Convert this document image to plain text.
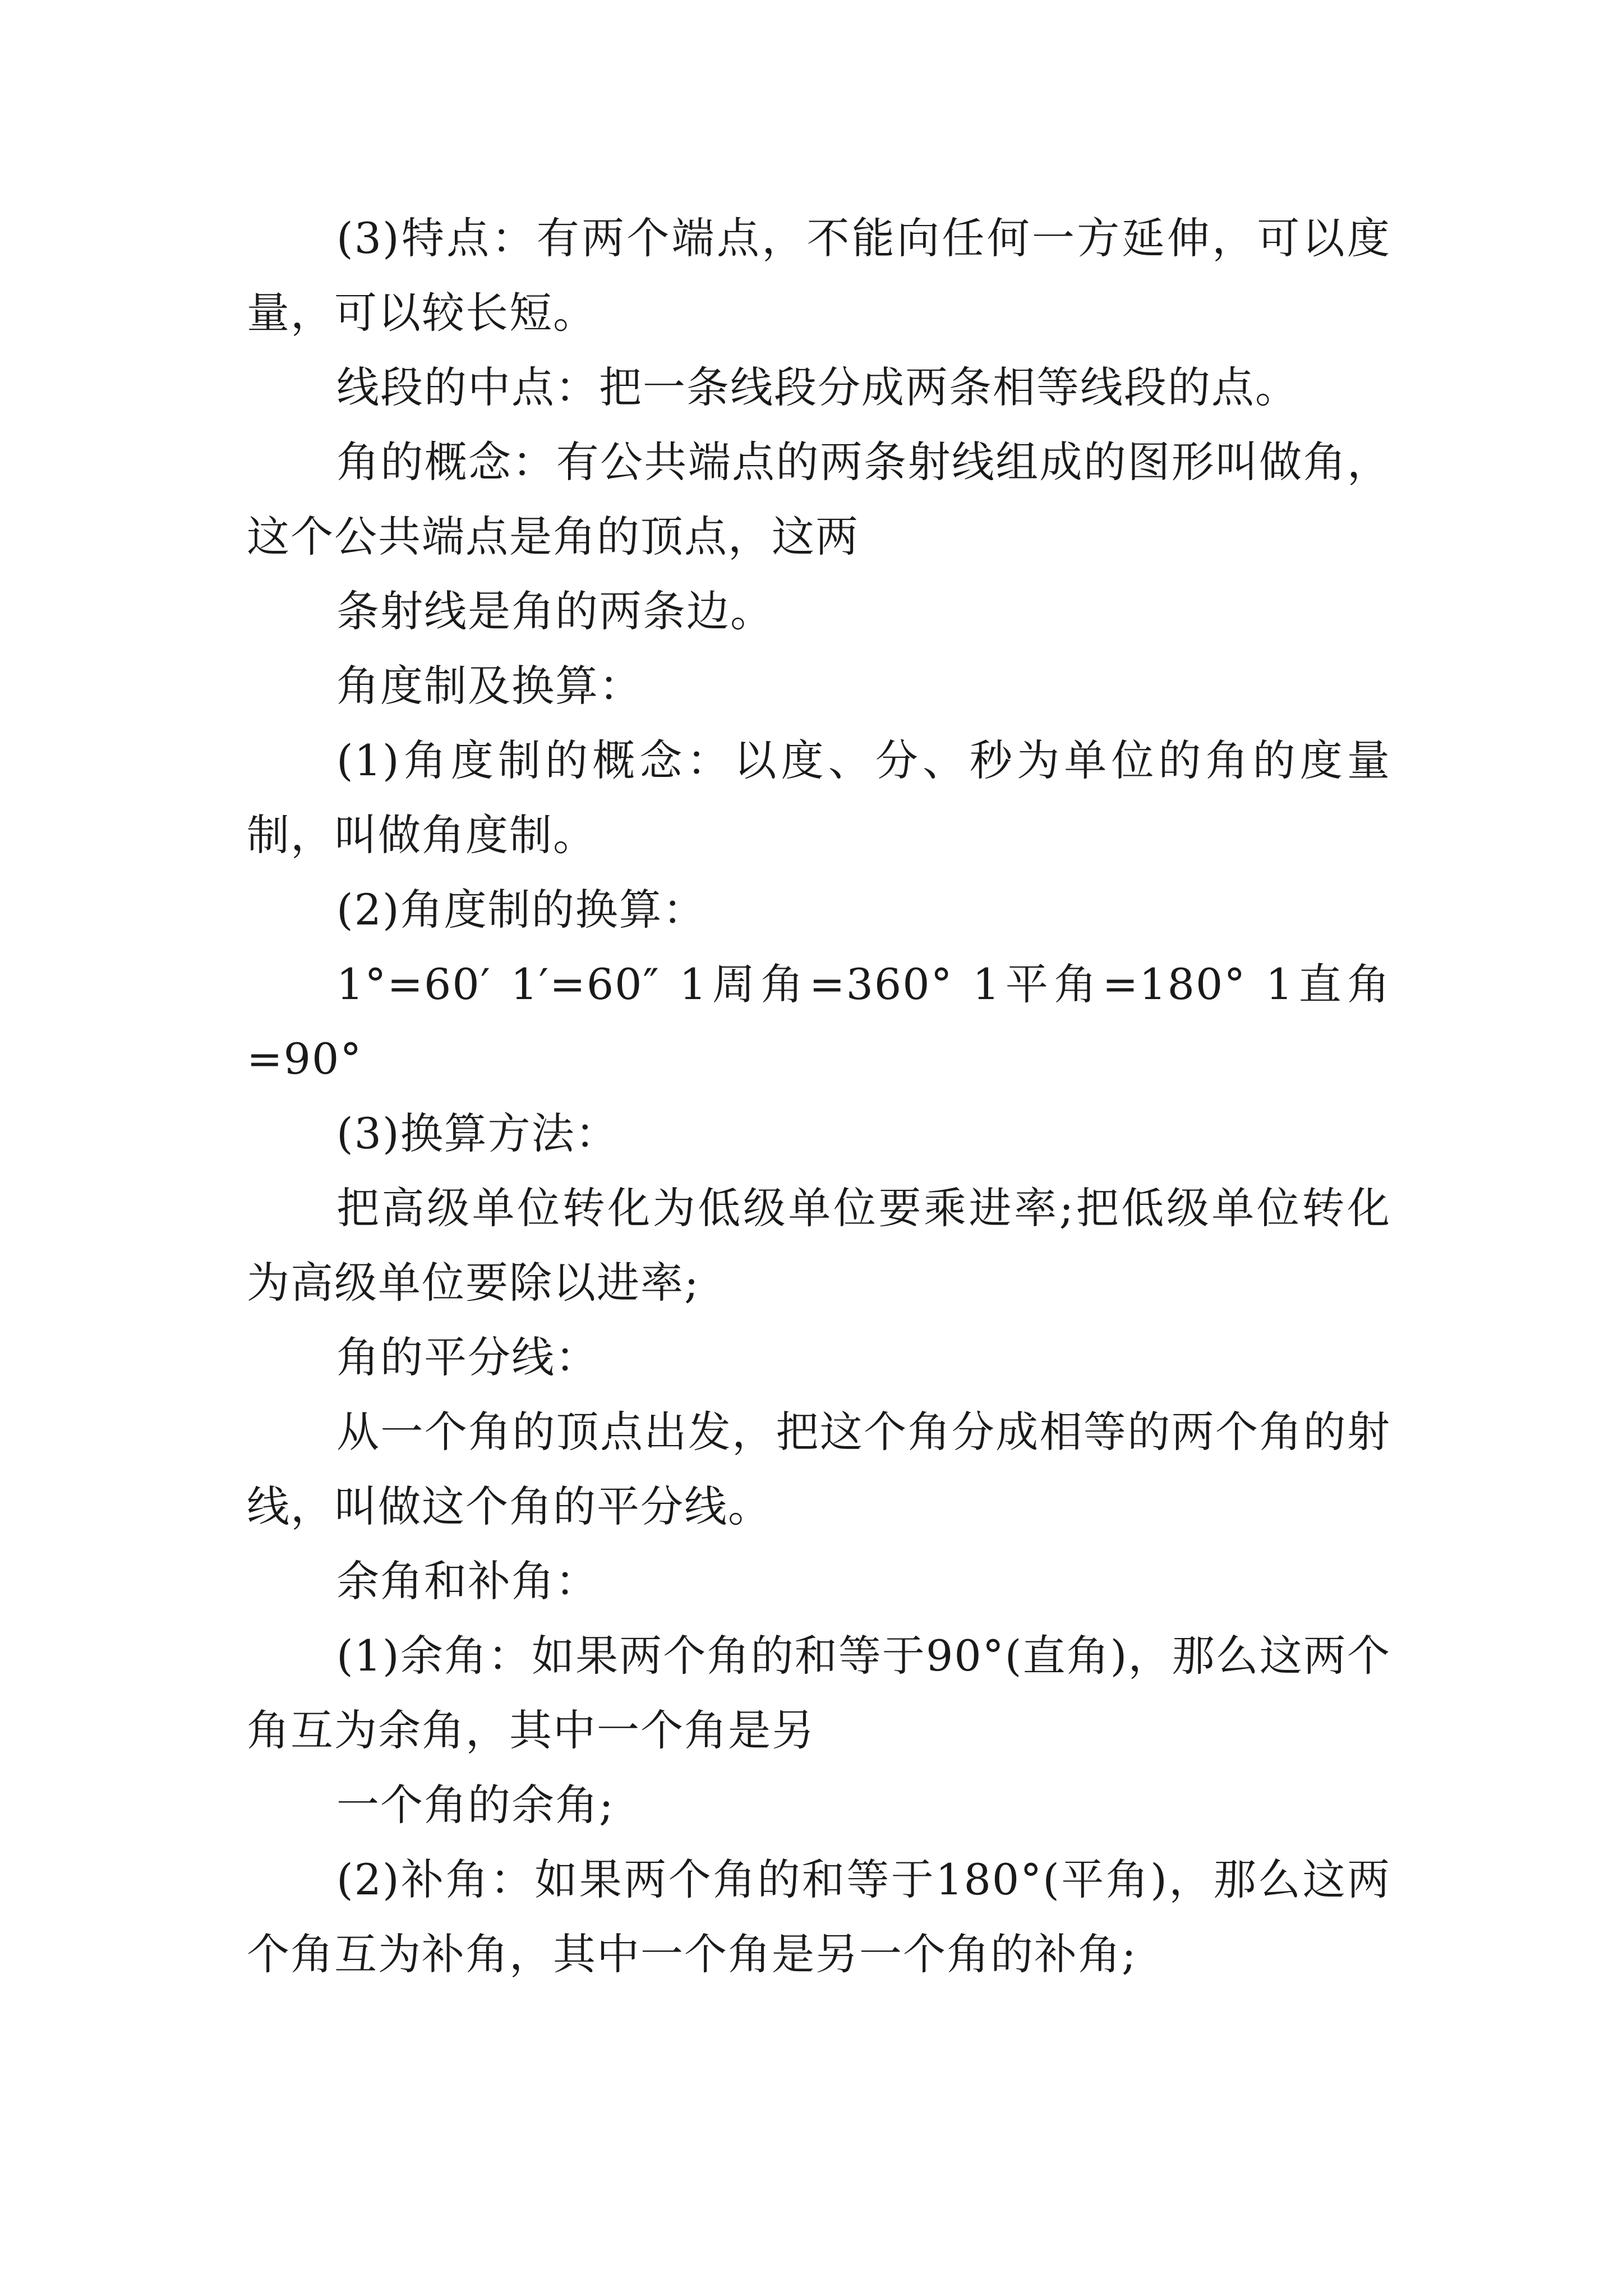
(3)特点：有两个端点，不能向任何一方延伸，可以度量，可以较长短。

线段的中点：把一条线段分成两条相等线段的点。

角的概念：有公共端点的两条射线组成的图形叫做角，这个公共端点是角的顶点，这两

条射线是角的两条边。

角度制及换算：

(1)角度制的概念：以度、分、秒为单位的角的度量制，叫做角度制。

(2)角度制的换算：

1°=60′ 1′=60″ 1周角=360° 1平角=180° 1直角=90°

(3)换算方法：

把高级单位转化为低级单位要乘进率;把低级单位转化为高级单位要除以进率;

角的平分线：

从一个角的顶点出发，把这个角分成相等的两个角的射线，叫做这个角的平分线。

余角和补角：

(1)余角：如果两个角的和等于90°(直角)，那么这两个角互为余角，其中一个角是另

一个角的余角;

(2)补角：如果两个角的和等于180°(平角)，那么这两个角互为补角，其中一个角是另一个角的补角;
